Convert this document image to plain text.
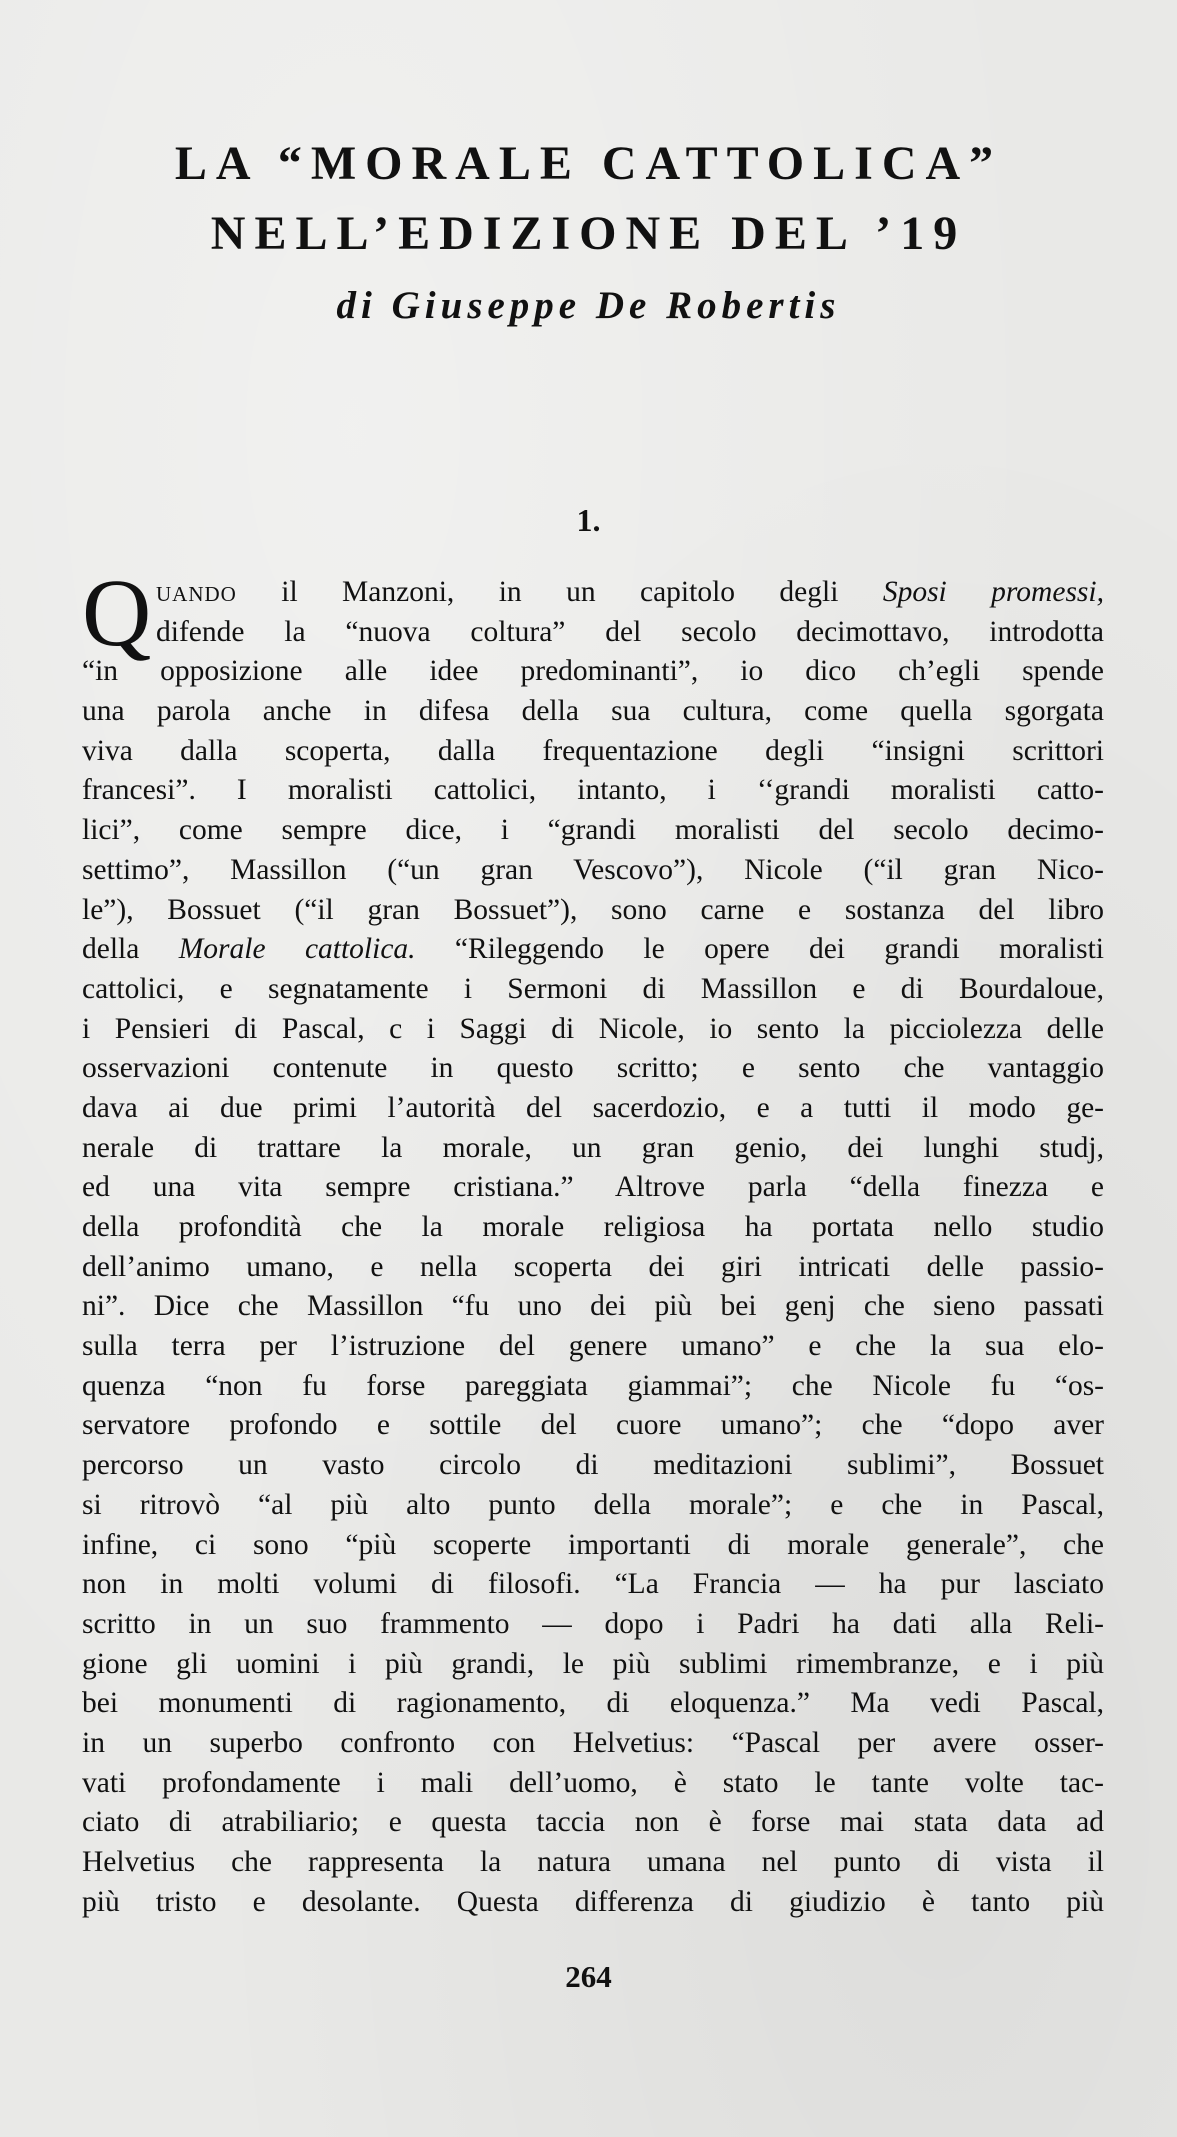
LA “MORALE CATTOLICA”
NELL’EDIZIONE DEL ’19
di Giuseppe De Robertis
1.
Q uando il Manzoni, in un capitolo degli Sposi promessi,
difende la “nuova coltura” del secolo decimottavo, introdotta
“in opposizione alle idee predominanti”, io dico ch’egli spende
una parola anche in difesa della sua cultura, come quella sgorgata
viva dalla scoperta, dalla frequentazione degli “insigni scrittori
francesi”. I moralisti cattolici, intanto, i ‘‘grandi moralisti catto-
lici”, come sempre dice, i “grandi moralisti del secolo decimo-
settimo”, Massillon (“un gran Vescovo”), Nicole (“il gran Nico-
le”), Bossuet (“il gran Bossuet”), sono carne e sostanza del libro
della Morale cattolica. “Rileggendo le opere dei grandi moralisti
cattolici, e segnatamente i Sermoni di Massillon e di Bourdaloue,
i Pensieri di Pascal, c i Saggi di Nicole, io sento la picciolezza delle
osservazioni contenute in questo scritto; e sento che vantaggio
dava ai due primi l’autorità del sacerdozio, e a tutti il modo ge-
nerale di trattare la morale, un gran genio, dei lunghi studj,
ed una vita sempre cristiana.” Altrove parla “della finezza e
della profondità che la morale religiosa ha portata nello studio
dell’animo umano, e nella scoperta dei giri intricati delle passio-
ni”. Dice che Massillon “fu uno dei più bei genj che sieno passati
sulla terra per l’istruzione del genere umano” e che la sua elo-
quenza “non fu forse pareggiata giammai”; che Nicole fu “os-
servatore profondo e sottile del cuore umano”; che “dopo aver
percorso un vasto circolo di meditazioni sublimi”, Bossuet
si ritrovò “al più alto punto della morale”; e che in Pascal,
infine, ci sono “più scoperte importanti di morale generale”, che
non in molti volumi di filosofi. “La Francia — ha pur lasciato
scritto in un suo frammento — dopo i Padri ha dati alla Reli-
gione gli uomini i più grandi, le più sublimi rimembranze, e i più
bei monumenti di ragionamento, di eloquenza.” Ma vedi Pascal,
in un superbo confronto con Helvetius: “Pascal per avere osser-
vati profondamente i mali dell’uomo, è stato le tante volte tac-
ciato di atrabiliario; e questa taccia non è forse mai stata data ad
Helvetius che rappresenta la natura umana nel punto di vista il
più tristo e desolante. Questa differenza di giudizio è tanto più
264
